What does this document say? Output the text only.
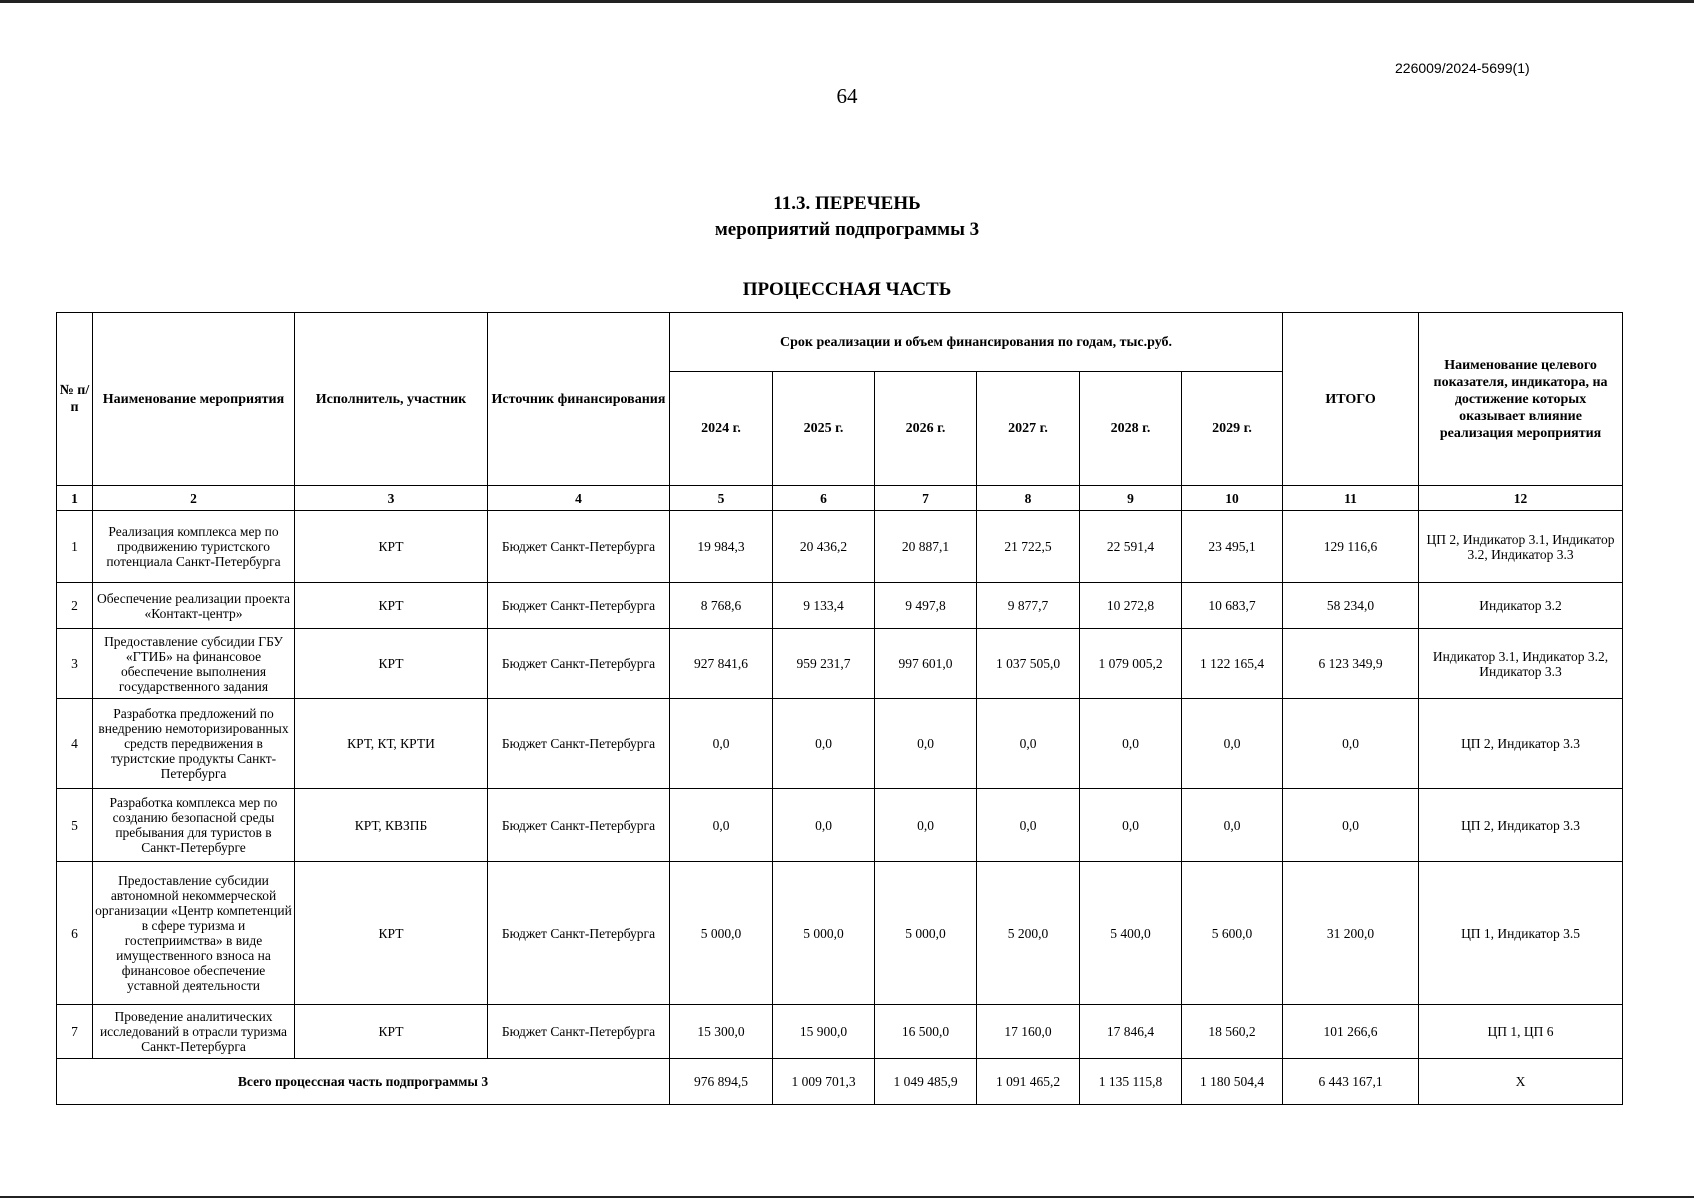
226009/2024-5699(1)
64
11.3. ПЕРЕЧЕНЬ
мероприятий подпрограммы 3
ПРОЦЕССНАЯ ЧАСТЬ
№ п/п	Наименование мероприятия	Исполнитель, участник	Источник финансирования	Срок реализации и объем финансирования по годам, тыс.руб.						ИТОГО	Наименование целевого показателя, индикатора, на достижение которых оказывает влияние реализация мероприятия
				2024 г.	2025 г.	2026 г.	2027 г.	2028 г.	2029 г.		
1	2	3	4	5	6	7	8	9	10	11	12
1	Реализация комплекса мер по продвижению туристского потенциала Санкт-Петербурга	КРТ	Бюджет Санкт-Петербурга	19 984,3	20 436,2	20 887,1	21 722,5	22 591,4	23 495,1	129 116,6	ЦП 2, Индикатор 3.1, Индикатор 3.2, Индикатор 3.3
2	Обеспечение реализации проекта «Контакт-центр»	КРТ	Бюджет Санкт-Петербурга	8 768,6	9 133,4	9 497,8	9 877,7	10 272,8	10 683,7	58 234,0	Индикатор 3.2
3	Предоставление субсидии ГБУ «ГТИБ» на финансовое обеспечение выполнения государственного задания	КРТ	Бюджет Санкт-Петербурга	927 841,6	959 231,7	997 601,0	1 037 505,0	1 079 005,2	1 122 165,4	6 123 349,9	Индикатор 3.1, Индикатор 3.2, Индикатор 3.3
4	Разработка предложений по внедрению немоторизированных средств передвижения в туристские продукты Санкт-Петербурга	КРТ, КТ, КРТИ	Бюджет Санкт-Петербурга	0,0	0,0	0,0	0,0	0,0	0,0	0,0	ЦП 2, Индикатор 3.3
5	Разработка комплекса мер по созданию безопасной среды пребывания для туристов в Санкт-Петербурге	КРТ, КВЗПБ	Бюджет Санкт-Петербурга	0,0	0,0	0,0	0,0	0,0	0,0	0,0	ЦП 2, Индикатор 3.3
6	Предоставление субсидии автономной некоммерческой организации «Центр компетенций в сфере туризма и гостеприимства» в виде имущественного взноса на финансовое обеспечение уставной деятельности	КРТ	Бюджет Санкт-Петербурга	5 000,0	5 000,0	5 000,0	5 200,0	5 400,0	5 600,0	31 200,0	ЦП 1, Индикатор 3.5
7	Проведение аналитических исследований в отрасли туризма Санкт-Петербурга	КРТ	Бюджет Санкт-Петербурга	15 300,0	15 900,0	16 500,0	17 160,0	17 846,4	18 560,2	101 266,6	ЦП 1, ЦП 6
Всего процессная часть подпрограммы 3				976 894,5	1 009 701,3	1 049 485,9	1 091 465,2	1 135 115,8	1 180 504,4	6 443 167,1	Х
